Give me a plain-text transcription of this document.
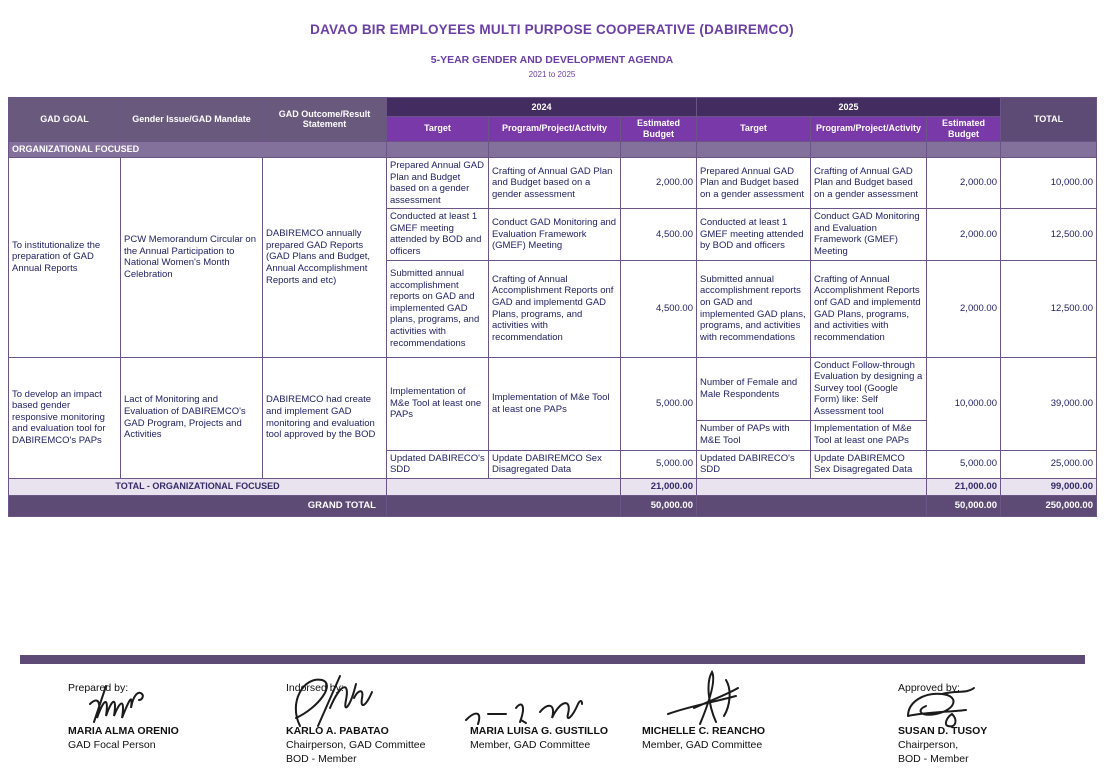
DAVAO BIR EMPLOYEES MULTI PURPOSE COOPERATIVE (DABIREMCO)
5-YEAR GENDER AND DEVELOPMENT AGENDA
2021 to 2025
GAD GOAL	Gender Issue/GAD Mandate	GAD Outcome/Result Statement	2024			2025			TOTAL
			Target	Program/Project/Activity	Estimated Budget	Target	Program/Project/Activity	Estimated Budget	
ORGANIZATIONAL FOCUSED									
To institutionalize the preparation of GAD Annual Reports	PCW Memorandum Circular on the Annual Participation to National Women's Month Celebration	DABIREMCO annually prepared GAD Reports (GAD Plans and Budget, Annual Accomplishment Reports and etc)	Prepared Annual GAD Plan and Budget based on a gender assessment	Crafting of Annual GAD Plan and Budget based on a gender assessment	2,000.00	Prepared Annual GAD Plan and Budget based on a gender assessment	Crafting of Annual GAD Plan and Budget based on a gender assessment	2,000.00	10,000.00
			Conducted at least 1 GMEF meeting attended by BOD and officers	Conduct GAD Monitoring and Evaluation Framework (GMEF) Meeting	4,500.00	Conducted at least 1 GMEF meeting attended by BOD and officers	Conduct GAD Monitoring and Evaluation Framework (GMEF) Meeting	2,000.00	12,500.00
			Submitted annual accomplishment reports on GAD and implemented GAD plans, programs, and activities with recommendations	Crafting of Annual Accomplishment Reports onf GAD and implementd GAD Plans, programs, and activities with recommendation	4,500.00	Submitted annual accomplishment reports on GAD and implemented GAD plans, programs, and activities with recommendations	Crafting of Annual Accomplishment Reports onf GAD and implementd GAD Plans, programs, and activities with recommendation	2,000.00	12,500.00
To develop an impact based gender responsive monitoring and evaluation tool for DABIREMCO's PAPs	Lact of Monitoring and Evaluation of DABIREMCO's GAD Program, Projects and Activities	DABIREMCO had create and implement GAD monitoring and evaluation tool approved by the BOD	Implementation of M&e Tool at least one PAPs	Implementation of M&e Tool at least one PAPs	5,000.00	Number of Female and Male Respondents	Conduct Follow-through Evaluation by designing a Survey tool (Google Form) like: Self Assessment tool	10,000.00	39,000.00
						Number of PAPs with M&E Tool	Implementation of M&e Tool at least one PAPs		
			Updated DABIRECO's SDD	Update DABIREMCO Sex Disagregated Data	5,000.00	Updated DABIRECO's SDD	Update DABIREMCO Sex Disagregated Data	5,000.00	25,000.00
TOTAL - ORGANIZATIONAL FOCUSED					21,000.00			21,000.00	99,000.00
GRAND TOTAL					50,000.00			50,000.00	250,000.00
Prepared by:
MARIA ALMA ORENIO
GAD Focal Person
Indorsed by:
KARLO A. PABATAO
Chairperson, GAD Committee
BOD - Member
MARIA LUISA G. GUSTILLO
Member, GAD Committee
MICHELLE C. REANCHO
Member, GAD Committee
Approved by:
SUSAN D. TUSOY
Chairperson,
BOD - Member
